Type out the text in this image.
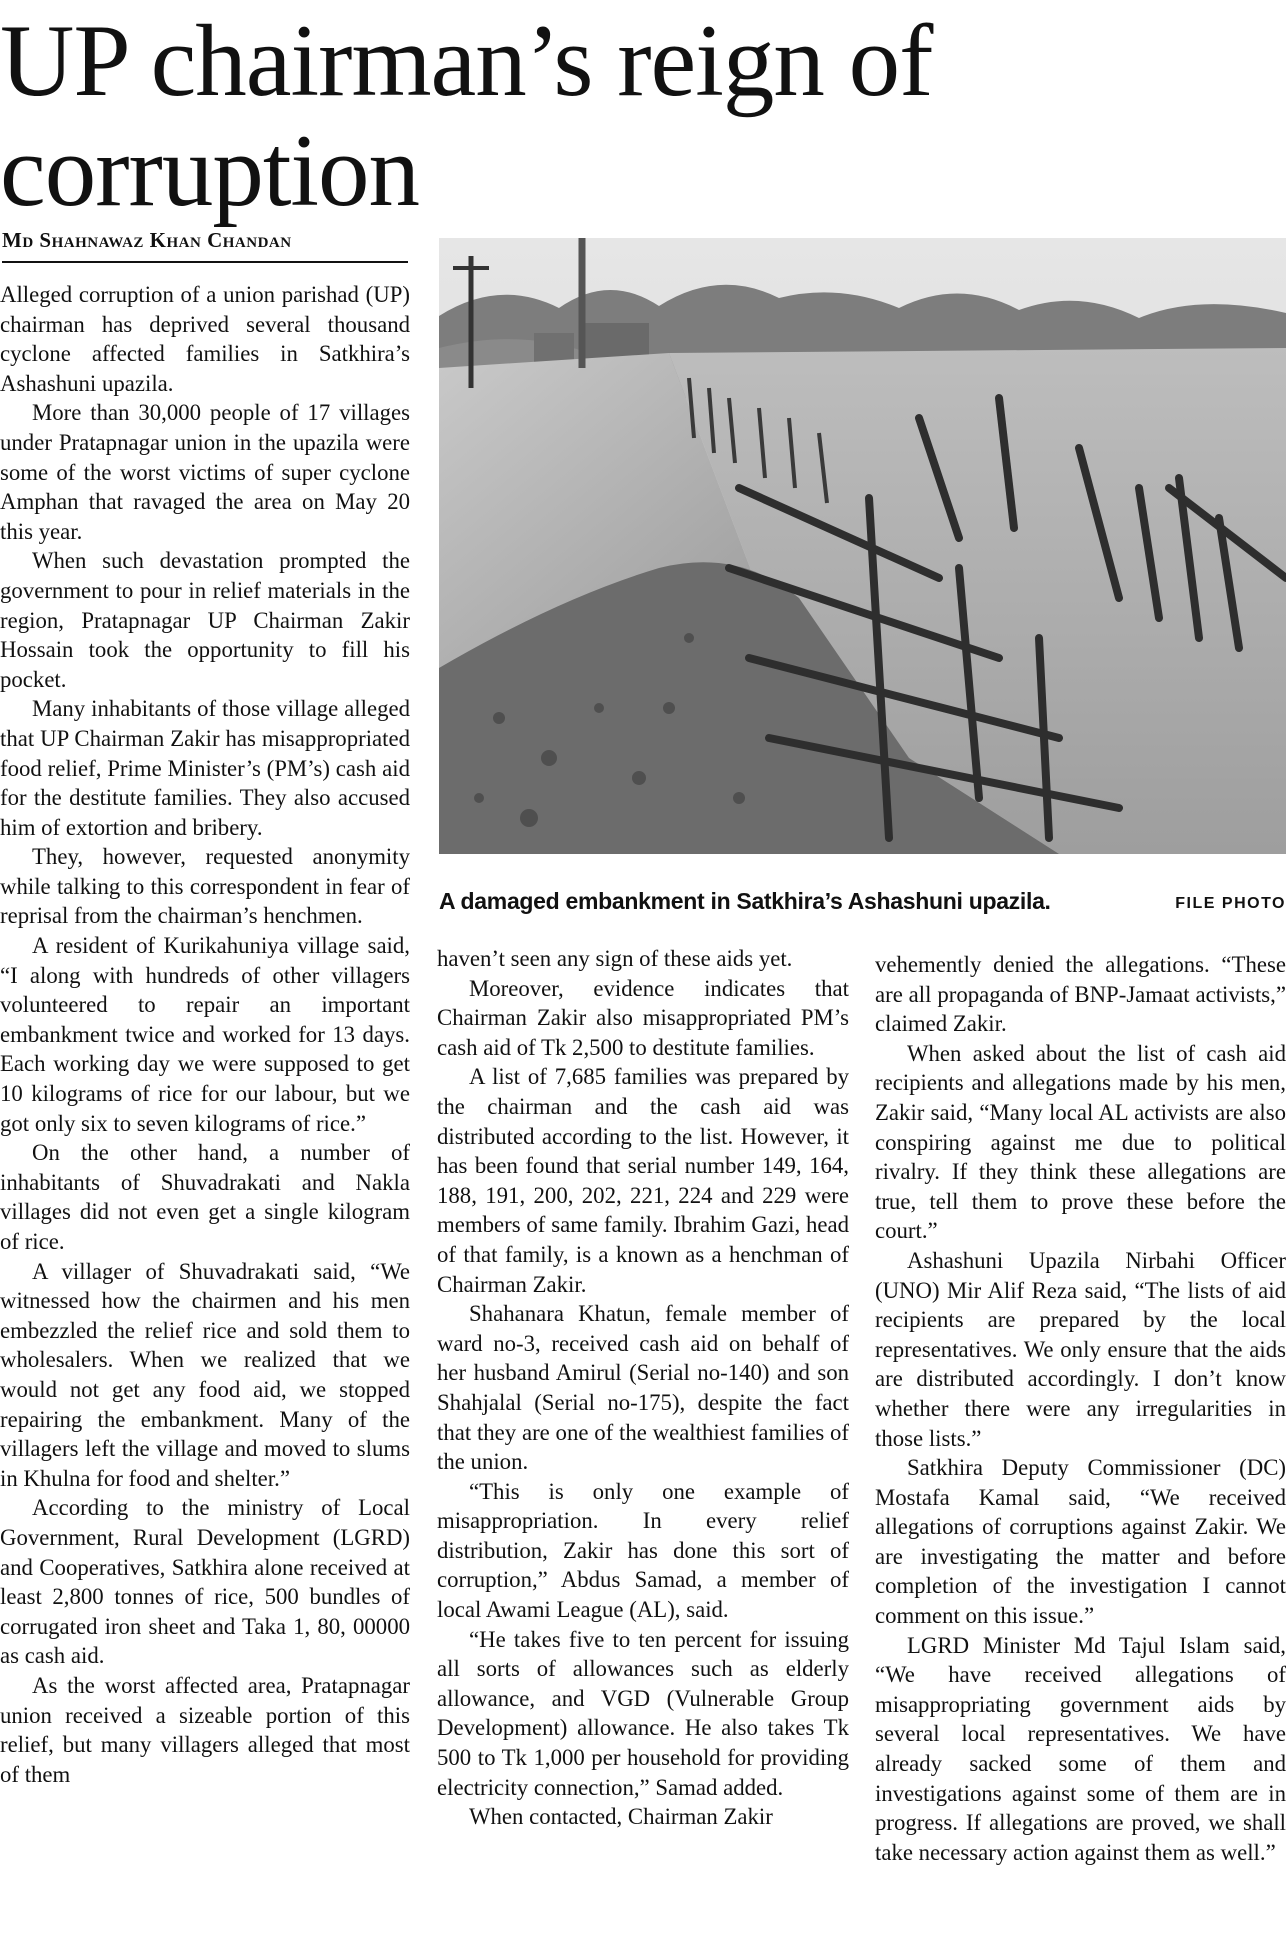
UP chairman’s reign of
corruption
Md Shahnawaz Khan Chandan

Alleged corruption of a union parishad (UP) chairman has deprived several thousand cyclone affected families in Satkhira’s Ashashuni upazila.

More than 30,000 people of 17 villages under Pratapnagar union in the upazila were some of the worst victims of super cyclone Amphan that ravaged the area on May 20 this year.

When such devastation prompted the government to pour in relief materials in the region, Pratapnagar UP Chairman Zakir Hossain took the opportunity to fill his pocket.

Many inhabitants of those village alleged that UP Chairman Zakir has misappropriated food relief, Prime Minister’s (PM’s) cash aid for the destitute families. They also accused him of extortion and bribery.

They, however, requested anonymity while talking to this correspondent in fear of reprisal from the chairman’s henchmen.

A resident of Kurikahuniya village said, “I along with hundreds of other villagers volunteered to repair an important embankment twice and worked for 13 days. Each working day we were supposed to get 10 kilograms of rice for our labour, but we got only six to seven kilograms of rice.”

On the other hand, a number of inhabitants of Shuvadrakati and Nakla villages did not even get a single kilogram of rice.

A villager of Shuvadrakati said, “We witnessed how the chairmen and his men embezzled the relief rice and sold them to wholesalers. When we realized that we would not get any food aid, we stopped repairing the embankment. Many of the villagers left the village and moved to slums in Khulna for food and shelter.”

According to the ministry of Local Government, Rural Development (LGRD) and Cooperatives, Satkhira alone received at least 2,800 tonnes of rice, 500 bundles of corrugated iron sheet and Taka 1, 80, 00000 as cash aid.

As the worst affected area, Pratapnagar union received a sizeable portion of this relief, but many villagers alleged that most of them

A damaged embankment in Satkhira’s Ashashuni upazila.	FILE PHOTO

haven’t seen any sign of these aids yet.

Moreover, evidence indicates that Chairman Zakir also misappropriated PM’s cash aid of Tk 2,500 to destitute families.

A list of 7,685 families was prepared by the chairman and the cash aid was distributed according to the list. However, it has been found that serial number 149, 164, 188, 191, 200, 202, 221, 224 and 229 were members of same family. Ibrahim Gazi, head of that family, is a known as a henchman of Chairman Zakir.

Shahanara Khatun, female member of ward no-3, received cash aid on behalf of her husband Amirul (Serial no-140) and son Shahjalal (Serial no-175), despite the fact that they are one of the wealthiest families of the union.

“This is only one example of misappropriation. In every relief distribution, Zakir has done this sort of corruption,” Abdus Samad, a member of local Awami League (AL), said.

“He takes five to ten percent for issuing all sorts of allowances such as elderly allowance, and VGD (Vulnerable Group Development) allowance. He also takes Tk 500 to Tk 1,000 per household for providing electricity connection,” Samad added.

When contacted, Chairman Zakir

vehemently denied the allegations. “These are all propaganda of BNP-Jamaat activists,” claimed Zakir.

When asked about the list of cash aid recipients and allegations made by his men, Zakir said, “Many local AL activists are also conspiring against me due to political rivalry. If they think these allegations are true, tell them to prove these before the court.”

Ashashuni Upazila Nirbahi Officer (UNO) Mir Alif Reza said, “The lists of aid recipients are prepared by the local representatives. We only ensure that the aids are distributed accordingly. I don’t know whether there were any irregularities in those lists.”

Satkhira Deputy Commissioner (DC) Mostafa Kamal said, “We received allegations of corruptions against Zakir. We are investigating the matter and before completion of the investigation I cannot comment on this issue.”

LGRD Minister Md Tajul Islam said, “We have received allegations of misappropriating government aids by several local representatives. We have already sacked some of them and investigations against some of them are in progress. If allegations are proved, we shall take necessary action against them as well.”
